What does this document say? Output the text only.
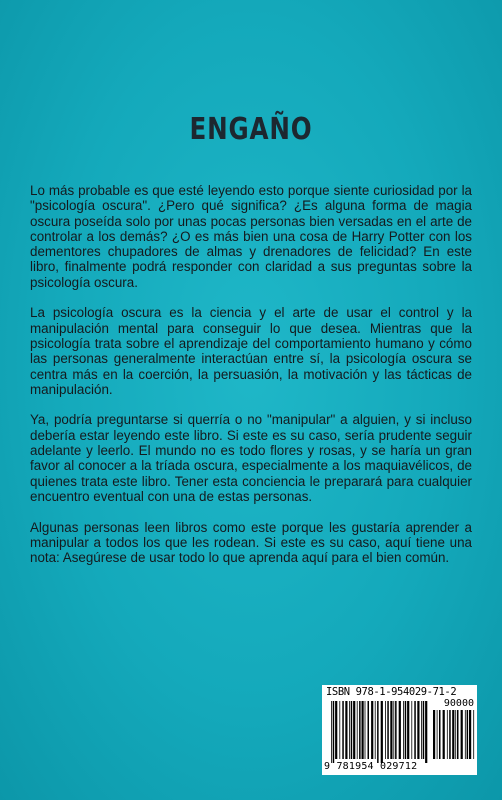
ENGAÑO

Lo más probable es que esté leyendo esto porque siente curiosidad por la "psicología oscura". ¿Pero qué significa? ¿Es alguna forma de magia oscura poseída solo por unas pocas personas bien versadas en el arte de controlar a los demás? ¿O es más bien una cosa de Harry Potter con los dementores chupadores de almas y drenadores de felicidad? En este libro, finalmente podrá responder con claridad a sus preguntas sobre la psicología oscura.

La psicología oscura es la ciencia y el arte de usar el control y la manipulación mental para conseguir lo que desea. Mientras que la psicología trata sobre el aprendizaje del comportamiento humano y cómo las personas generalmente interactúan entre sí, la psicología oscura se centra más en la coerción, la persuasión, la motivación y las tácticas de manipulación.

Ya, podría preguntarse si querría o no "manipular" a alguien, y si incluso debería estar leyendo este libro. Si este es su caso, sería prudente seguir adelante y leerlo. El mundo no es todo flores y rosas, y se haría un gran favor al conocer a la tríada oscura, especialmente a los maquiavélicos, de quienes trata este libro. Tener esta conciencia le preparará para cualquier encuentro eventual con una de estas personas.

Algunas personas leen libros como este porque les gustaría aprender a manipular a todos los que les rodean. Si este es su caso, aquí tiene una nota: Asegúrese de usar todo lo que aprenda aquí para el bien común.

ISBN 978-1-954029-71-2
90000
9 781954 029712
